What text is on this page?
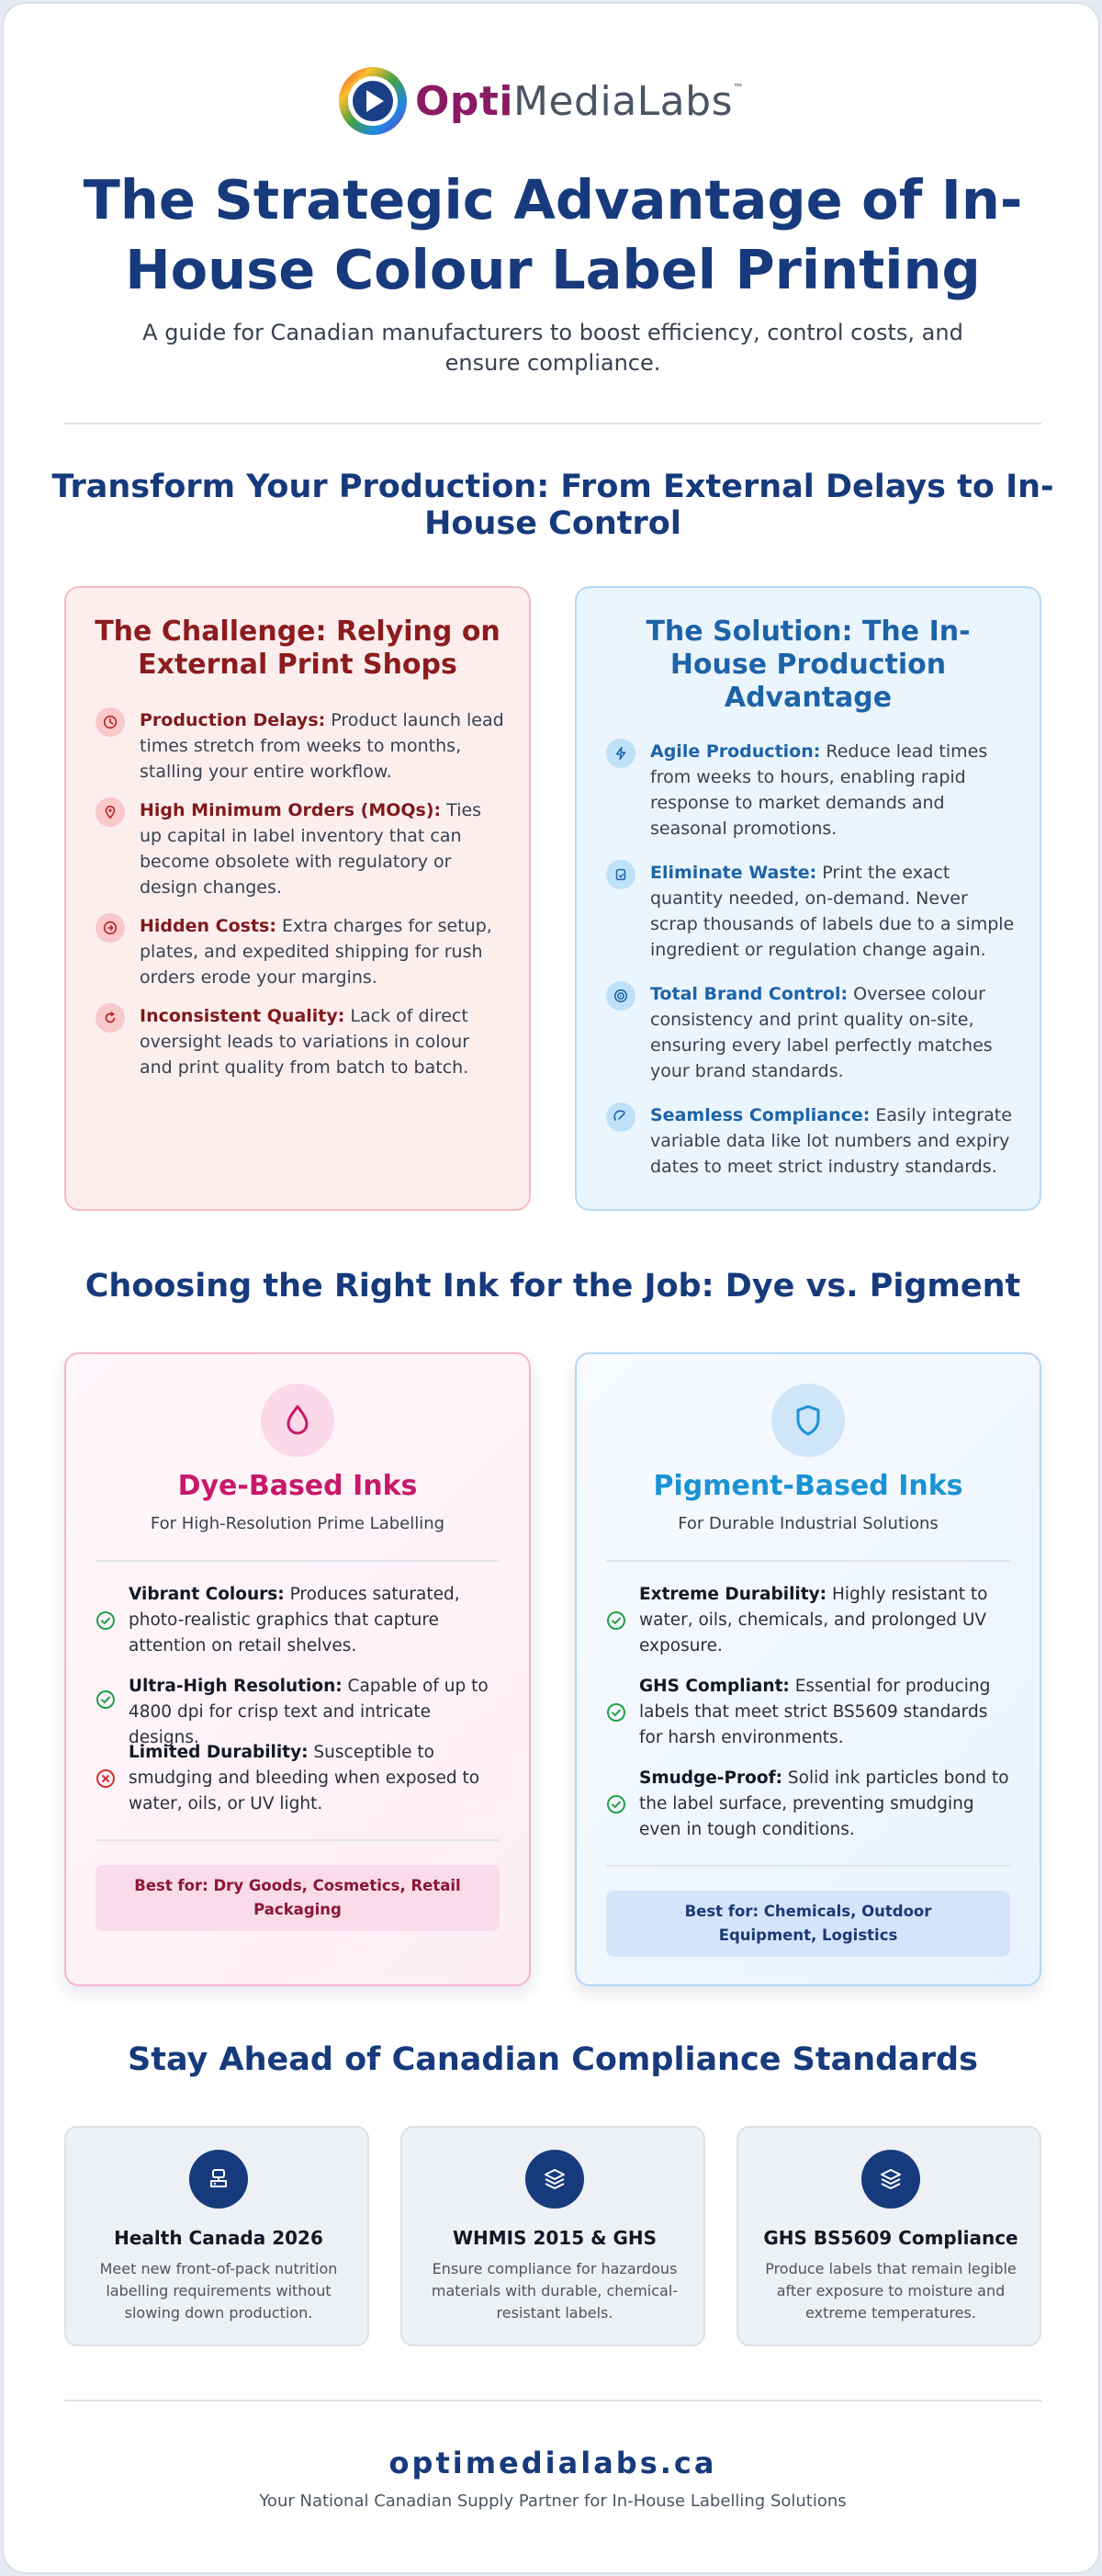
OptiMediaLabs™
The Strategic Advantage of In-House Colour Label Printing

A guide for Canadian manufacturers to boost efficiency, control costs, and ensure compliance.

Transform Your Production: From External Delays to In-House Control
The Challenge: Relying on External Print Shops

Production Delays: Product launch lead times stretch from weeks to months, stalling your entire workflow.

High Minimum Orders (MOQs): Ties up capital in label inventory that can become obsolete with regulatory or design changes.

Hidden Costs: Extra charges for setup, plates, and expedited shipping for rush orders erode your margins.

Inconsistent Quality: Lack of direct oversight leads to variations in colour and print quality from batch to batch.

The Solution: The In-House Production Advantage

Agile Production: Reduce lead times from weeks to hours, enabling rapid response to market demands and seasonal promotions.

Eliminate Waste: Print the exact quantity needed, on-demand. Never scrap thousands of labels due to a simple ingredient or regulation change again.

Total Brand Control: Oversee colour consistency and print quality on-site, ensuring every label perfectly matches your brand standards.

Seamless Compliance: Easily integrate variable data like lot numbers and expiry dates to meet strict industry standards.

Choosing the Right Ink for the Job: Dye vs. Pigment
Dye-Based Inks

For High-Resolution Prime Labelling

Vibrant Colours: Produces saturated, photo-realistic graphics that capture attention on retail shelves.

Ultra-High Resolution: Capable of up to 4800 dpi for crisp text and intricate designs.

Limited Durability: Susceptible to smudging and bleeding when exposed to water, oils, or UV light.

Best for: Dry Goods, Cosmetics, Retail Packaging
Pigment-Based Inks

For Durable Industrial Solutions

Extreme Durability: Highly resistant to water, oils, chemicals, and prolonged UV exposure.

GHS Compliant: Essential for producing labels that meet strict BS5609 standards for harsh environments.

Smudge-Proof: Solid ink particles bond to the label surface, preventing smudging even in tough conditions.

Best for: Chemicals, Outdoor Equipment, Logistics
Stay Ahead of Canadian Compliance Standards
Health Canada 2026

Meet new front-of-pack nutrition labelling requirements without slowing down production.

WHMIS 2015 & GHS

Ensure compliance for hazardous materials with durable, chemical-resistant labels.

GHS BS5609 Compliance

Produce labels that remain legible after exposure to moisture and extreme temperatures.

optimedialabs.ca
Your National Canadian Supply Partner for In-House Labelling Solutions
